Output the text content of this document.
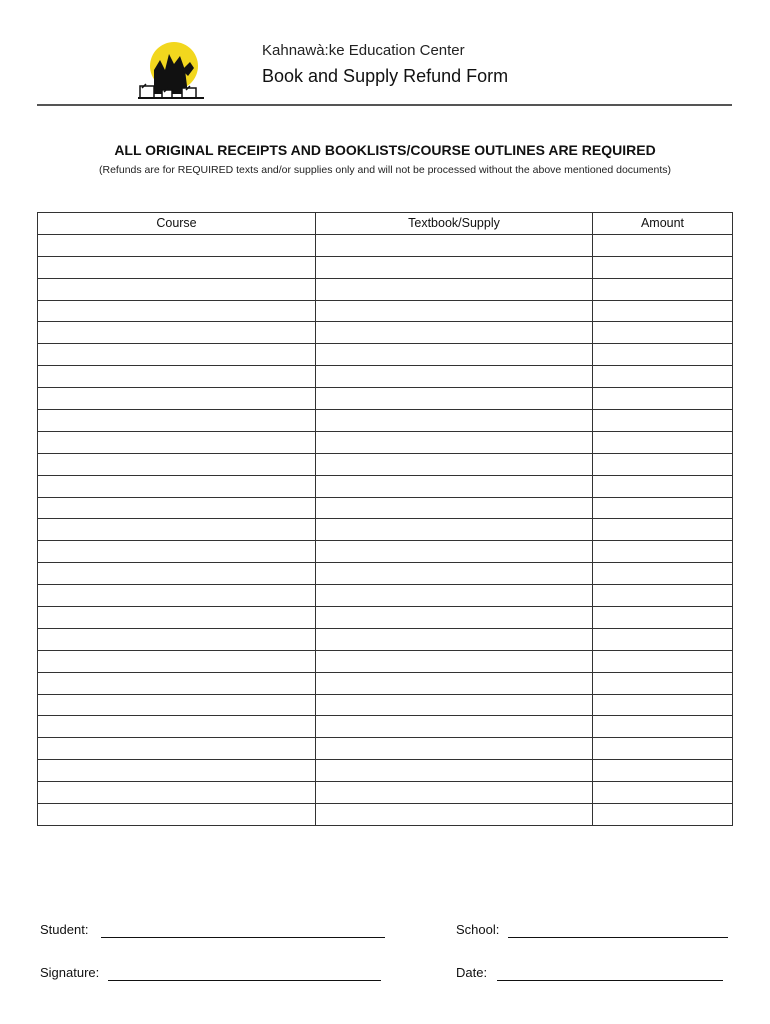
Kahnawà:ke Education Center
Book and Supply Refund Form
ALL ORIGINAL RECEIPTS AND BOOKLISTS/COURSE OUTLINES ARE REQUIRED
(Refunds are for REQUIRED texts and/or supplies only and will not be processed without the above mentioned documents)
Course	Textbook/Supply	Amount

Student:	School:
Signature:	Date:
